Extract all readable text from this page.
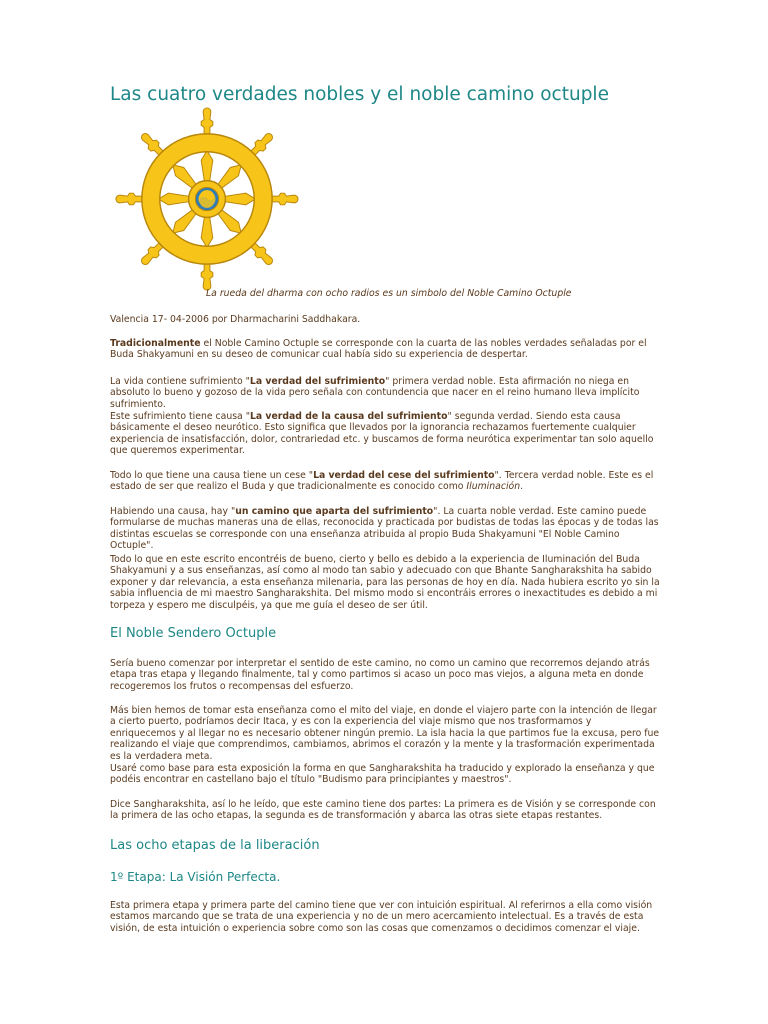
Las cuatro verdades nobles y el noble camino octuple
La rueda del dharma con ocho radios es un simbolo del Noble Camino Octuple

Valencia 17- 04-2006 por Dharmacharini Saddhakara.

Tradicionalmente el Noble Camino Octuple se corresponde con la cuarta de las nobles verdades señaladas por el Buda Shakyamuni en su deseo de comunicar cual había sido su experiencia de despertar.

La vida contiene sufrimiento "La verdad del sufrimiento" primera verdad noble. Esta afirmación no niega en absoluto lo bueno y gozoso de la vida pero señala con contundencia que nacer en el reino humano lleva implícito sufrimiento.

Este sufrimiento tiene causa "La verdad de la causa del sufrimiento" segunda verdad. Siendo esta causa básicamente el deseo neurótico. Esto significa que llevados por la ignorancia rechazamos fuertemente cualquier experiencia de insatisfacción, dolor, contrariedad etc. y buscamos de forma neurótica experimentar tan solo aquello que queremos experimentar.

Todo lo que tiene una causa tiene un cese "La verdad del cese del sufrimiento". Tercera verdad noble. Este es el estado de ser que realizo el Buda y que tradicionalmente es conocido como Iluminación.

Habiendo una causa, hay "un camino que aparta del sufrimiento". La cuarta noble verdad. Este camino puede formularse de muchas maneras una de ellas, reconocida y practicada por budistas de todas las épocas y de todas las distintas escuelas se corresponde con una enseñanza atribuida al propio Buda Shakyamuni "El Noble Camino Octuple".

Todo lo que en este escrito encontréis de bueno, cierto y bello es debido a la experiencia de Iluminación del Buda Shakyamuni y a sus enseñanzas, así como al modo tan sabio y adecuado con que Bhante Sangharakshita ha sabido exponer y dar relevancia, a esta enseñanza milenaria, para las personas de hoy en día. Nada hubiera escrito yo sin la sabia influencia de mi maestro Sangharakshita. Del mismo modo si encontráis errores o inexactitudes es debido a mi torpeza y espero me disculpéis, ya que me guía el deseo de ser útil.

El Noble Sendero Octuple

Sería bueno comenzar por interpretar el sentido de este camino, no como un camino que recorremos dejando atrás etapa tras etapa y llegando finalmente, tal y como partimos si acaso un poco mas viejos, a alguna meta en donde recogeremos los frutos o recompensas del esfuerzo.

Más bien hemos de tomar esta enseñanza como el mito del viaje, en donde el viajero parte con la intención de llegar a cierto puerto, podríamos decir Itaca, y es con la experiencia del viaje mismo que nos trasformamos y enriquecemos y al llegar no es necesario obtener ningún premio. La isla hacia la que partimos fue la excusa, pero fue realizando el viaje que comprendimos, cambiamos, abrimos el corazón y la mente y la trasformación experimentada es la verdadera meta.

Usaré como base para esta exposición la forma en que Sangharakshita ha traducido y explorado la enseñanza y que podéis encontrar en castellano bajo el título "Budismo para principiantes y maestros".

Dice Sangharakshita, así lo he leído, que este camino tiene dos partes: La primera es de Visión y se corresponde con la primera de las ocho etapas, la segunda es de transformación y abarca las otras siete etapas restantes.

Las ocho etapas de la liberación
1º Etapa: La Visión Perfecta.

Esta primera etapa y primera parte del camino tiene que ver con intuición espiritual. Al referirnos a ella como visión estamos marcando que se trata de una experiencia y no de un mero acercamiento intelectual. Es a través de esta visión, de esta intuición o experiencia sobre como son las cosas que comenzamos o decidimos comenzar el viaje.
